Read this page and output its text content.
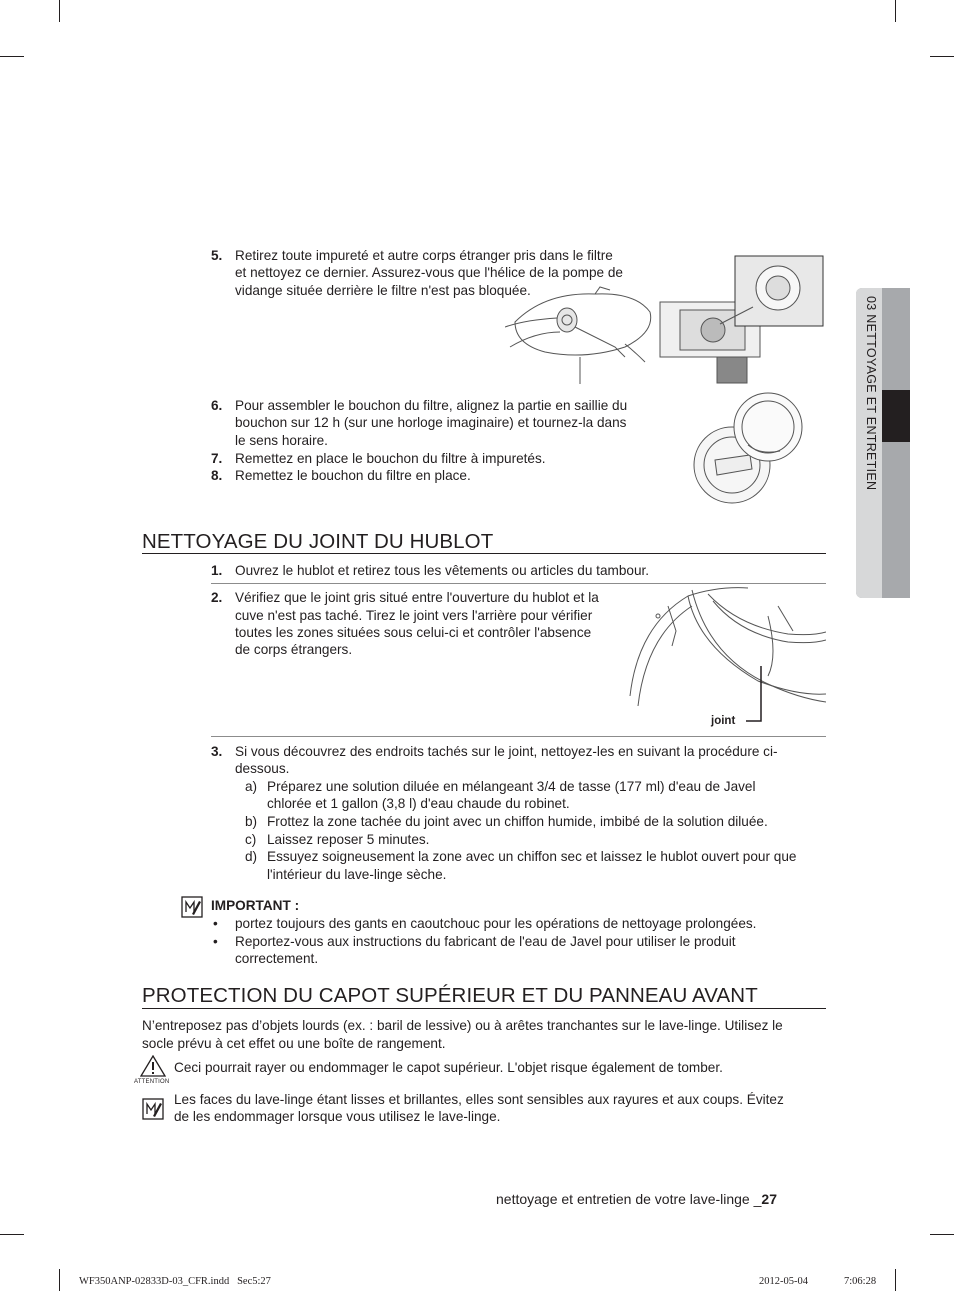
03 NETTOYAGE ET ENTRETIEN
5. Retirez toute impureté et autre corps étranger pris dans le filtre
et nettoyez ce dernier. Assurez-vous que l'hélice de la pompe de
vidange située derrière le filtre n'est pas bloquée.
6. Pour assembler le bouchon du filtre, alignez la partie en saillie du
bouchon sur 12 h (sur une horloge imaginaire) et tournez-la dans
le sens horaire.
7. Remettez en place le bouchon du filtre à impuretés.
8. Remettez le bouchon du filtre en place.
NETTOYAGE DU JOINT DU HUBLOT
1. Ouvrez le hublot et retirez tous les vêtements ou articles du tambour.
2. Vérifiez que le joint gris situé entre l'ouverture du hublot et la
cuve n'est pas taché. Tirez le joint vers l'arrière pour vérifier
toutes les zones situées sous celui-ci et contrôler l'absence
de corps étrangers.
joint
3. Si vous découvrez des endroits tachés sur le joint, nettoyez-les en suivant la procédure ci-
dessous.
a) Préparez une solution diluée en mélangeant 3/4 de tasse (177 ml) d'eau de Javel
chlorée et 1 gallon (3,8 l) d'eau chaude du robinet.
b) Frottez la zone tachée du joint avec un chiffon humide, imbibé de la solution diluée.
c) Laissez reposer 5 minutes.
d) Essuyez soigneusement la zone avec un chiffon sec et laissez le hublot ouvert pour que
l'intérieur du lave-linge sèche.
IMPORTANT :
• portez toujours des gants en caoutchouc pour les opérations de nettoyage prolongées.
• Reportez-vous aux instructions du fabricant de l'eau de Javel pour utiliser le produit
correctement.
PROTECTION DU CAPOT SUPÉRIEUR ET DU PANNEAU AVANT
N’entreposez pas d’objets lourds (ex. : baril de lessive) ou à arêtes tranchantes sur le lave-linge. Utilisez le
socle prévu à cet effet ou une boîte de rangement.
ATTENTION
Ceci pourrait rayer ou endommager le capot supérieur. L'objet risque également de tomber.
Les faces du lave-linge étant lisses et brillantes, elles sont sensibles aux rayures et aux coups. Évitez
de les endommager lorsque vous utilisez le lave-linge.
nettoyage et entretien de votre lave-linge _27
WF350ANP-02833D-03_CFR.indd   Sec5:27	2012-05-04	7:06:28
